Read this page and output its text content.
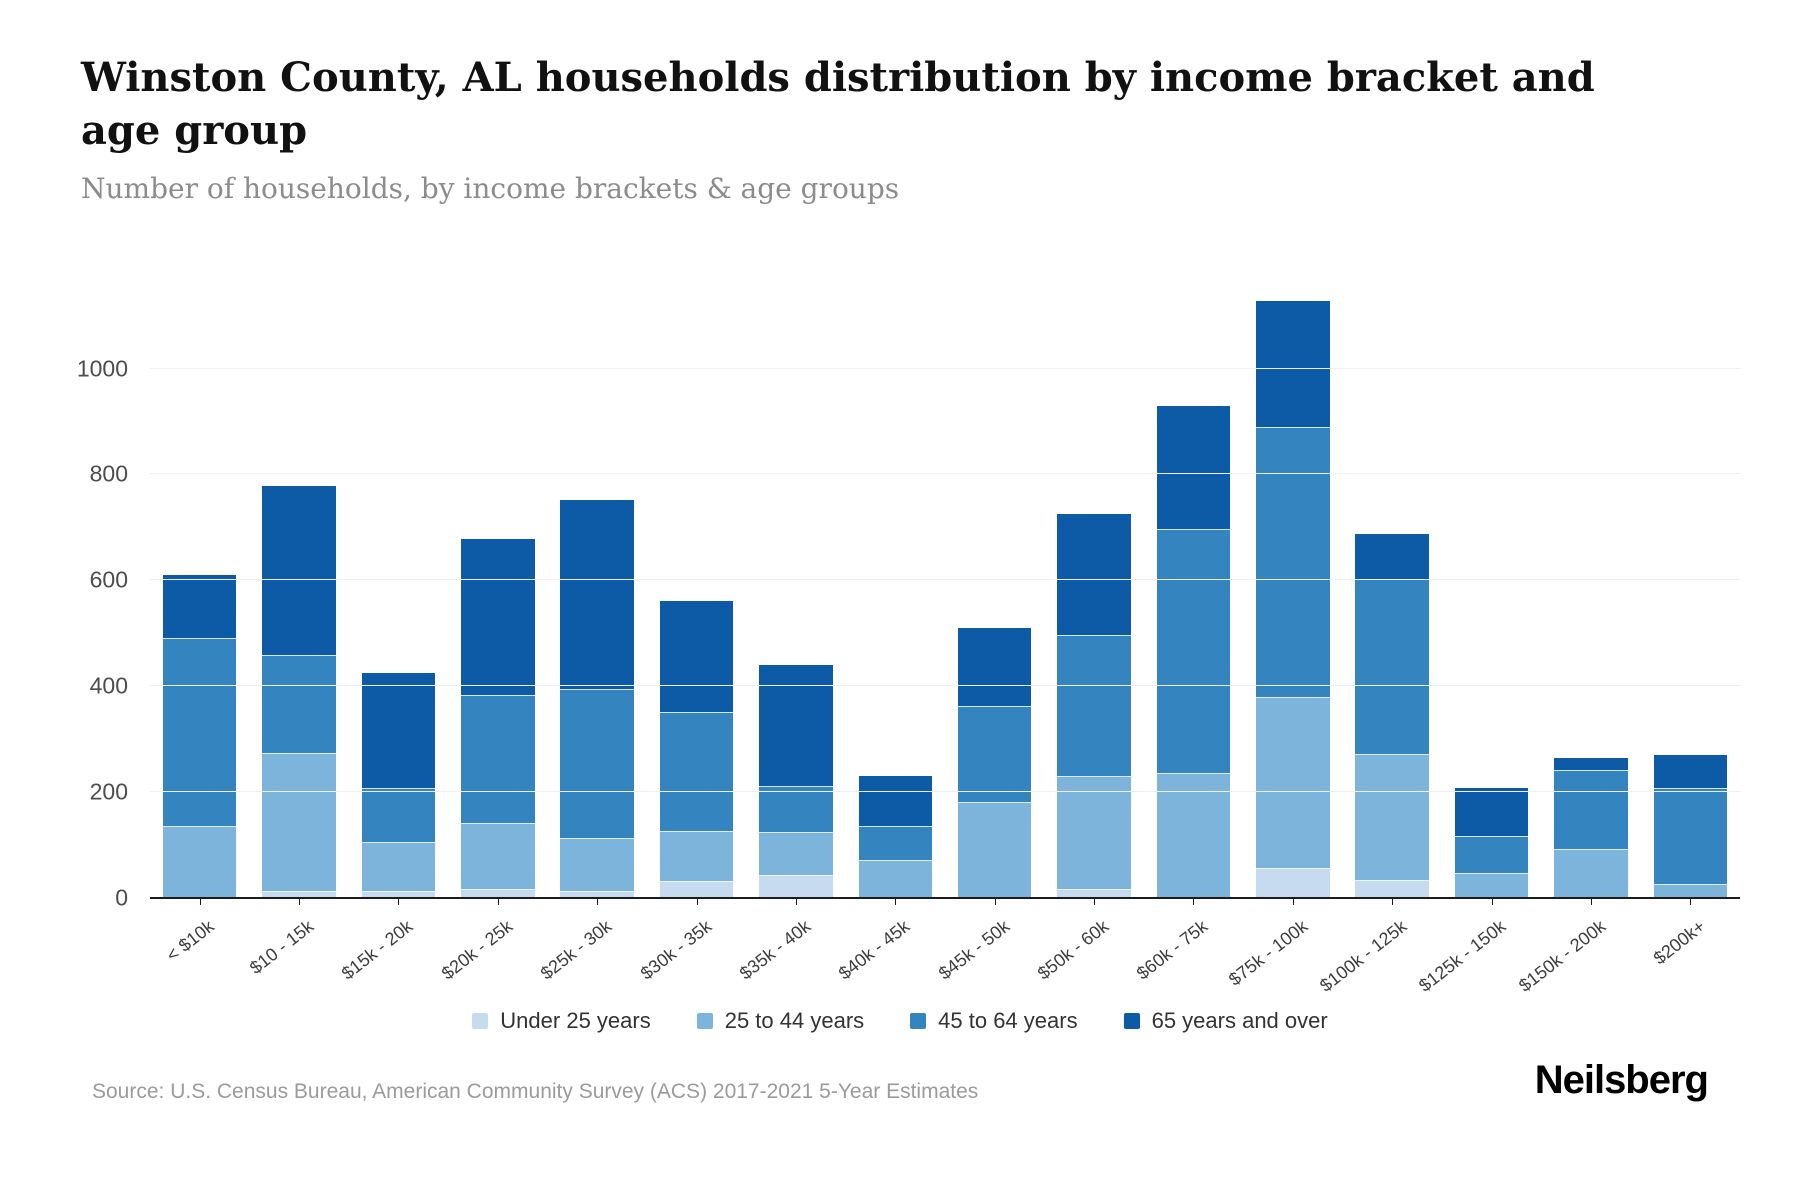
Winston County, AL households distribution by income bracket and age group
Number of households, by income brackets & age groups
0
200
400
600
800
1000
< $10k $10 - 15k $15k - 20k $20k - 25k $25k - 30k $30k - 35k $35k - 40k $40k - 45k $45k - 50k $50k - 60k $60k - 75k $75k - 100k $100k - 125k $125k - 150k $150k - 200k $200k+
Under 25 years	25 to 44 years	45 to 64 years	65 years and over
Source: U.S. Census Bureau, American Community Survey (ACS) 2017-2021 5-Year Estimates	Neilsberg
